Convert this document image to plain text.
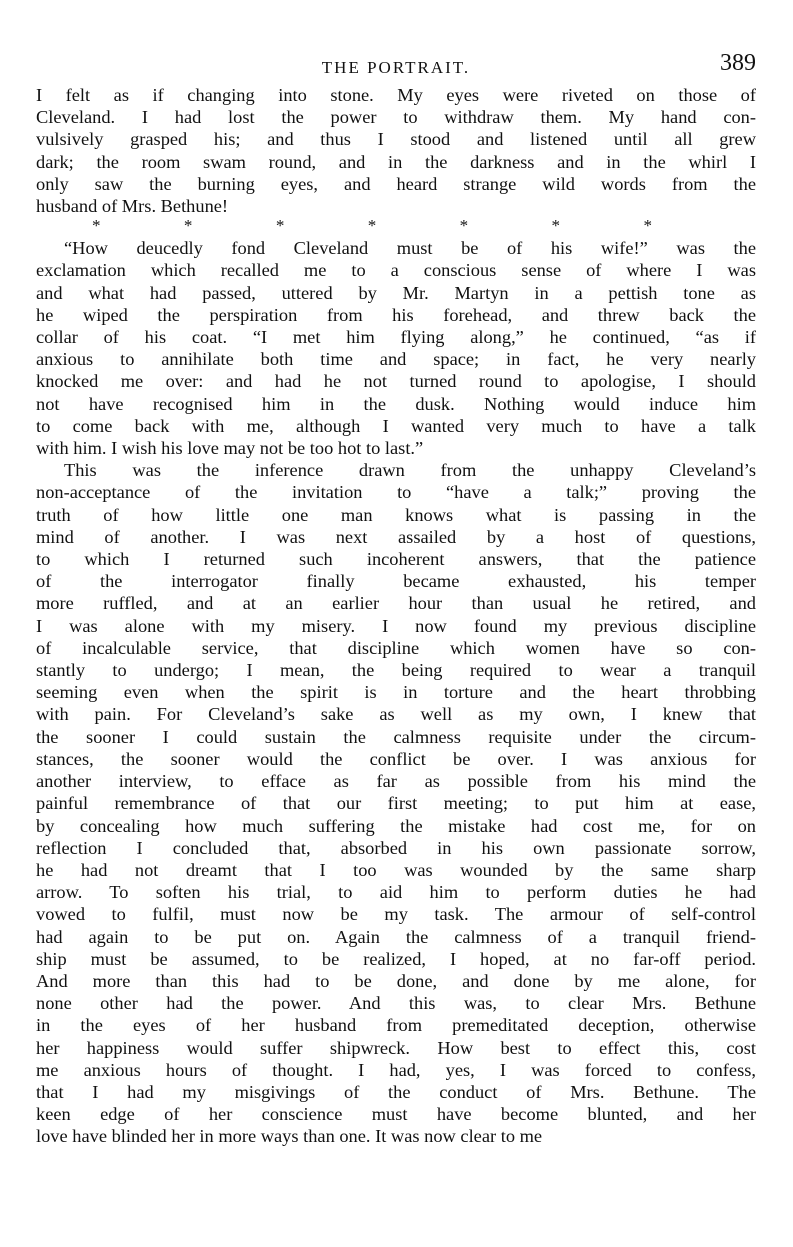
THE PORTRAIT.	389

I felt as if changing into stone. My eyes were riveted on those of
Cleveland. I had lost the power to withdraw them. My hand con-
vulsively grasped his; and thus I stood and listened until all grew
dark; the room swam round, and in the darkness and in the whirl I
only saw the burning eyes, and heard strange wild words from the
husband of Mrs. Bethune!

*	*	*	*	*	*	*

“How deucedly fond Cleveland must be of his wife!” was the
exclamation which recalled me to a conscious sense of where I was
and what had passed, uttered by Mr. Martyn in a pettish tone as
he wiped the perspiration from his forehead, and threw back the
collar of his coat. “I met him flying along,” he continued, “as if
anxious to annihilate both time and space; in fact, he very nearly
knocked me over: and had he not turned round to apologise, I should
not have recognised him in the dusk. Nothing would induce him
to come back with me, although I wanted very much to have a talk
with him. I wish his love may not be too hot to last.”

This was the inference drawn from the unhappy Cleveland’s
non-acceptance of the invitation to “have a talk;” proving the
truth of how little one man knows what is passing in the
mind of another. I was next assailed by a host of questions,
to which I returned such incoherent answers, that the patience
of the interrogator finally became exhausted, his temper
more ruffled, and at an earlier hour than usual he retired, and
I was alone with my misery. I now found my previous discipline
of incalculable service, that discipline which women have so con-
stantly to undergo; I mean, the being required to wear a tranquil
seeming even when the spirit is in torture and the heart throbbing
with pain. For Cleveland’s sake as well as my own, I knew that
the sooner I could sustain the calmness requisite under the circum-
stances, the sooner would the conflict be over. I was anxious for
another interview, to efface as far as possible from his mind the
painful remembrance of that our first meeting; to put him at ease,
by concealing how much suffering the mistake had cost me, for on
reflection I concluded that, absorbed in his own passionate sorrow,
he had not dreamt that I too was wounded by the same sharp
arrow. To soften his trial, to aid him to perform duties he had
vowed to fulfil, must now be my task. The armour of self-control
had again to be put on. Again the calmness of a tranquil friend-
ship must be assumed, to be realized, I hoped, at no far-off period.
And more than this had to be done, and done by me alone, for
none other had the power. And this was, to clear Mrs. Bethune
in the eyes of her husband from premeditated deception, otherwise
her happiness would suffer shipwreck. How best to effect this, cost
me anxious hours of thought. I had, yes, I was forced to confess,
that I had my misgivings of the conduct of Mrs. Bethune. The
keen edge of her conscience must have become blunted, and her
love have blinded her in more ways than one. It was now clear to me
